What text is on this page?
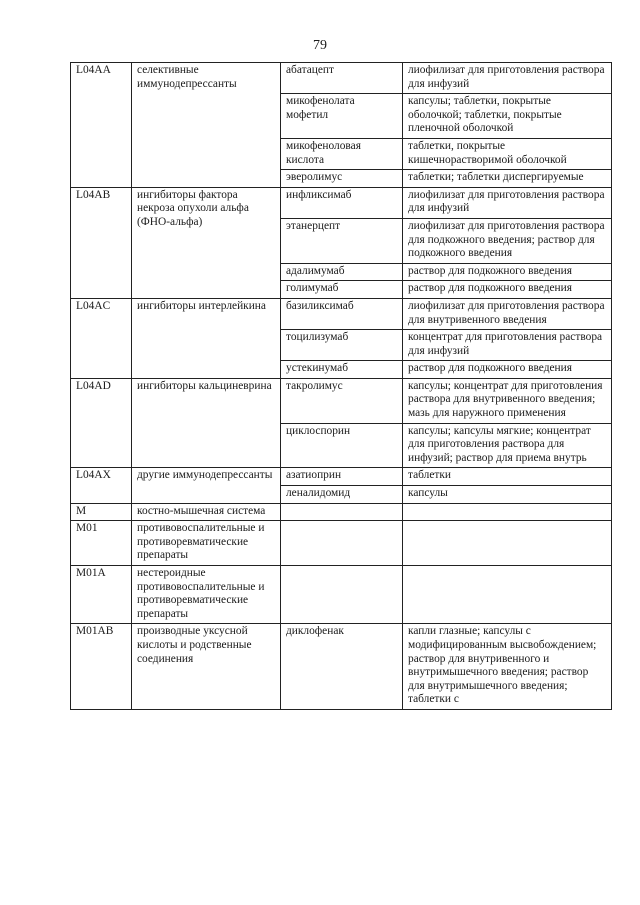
79
L04AA	селективные иммунодепрессанты	абатацепт	лиофилизат для приготовления раствора для инфузий
		микофенолата мофетил	капсулы; таблетки, покрытые оболочкой; таблетки, покрытые пленочной оболочкой
		микофеноловая кислота	таблетки, покрытые кишечнорастворимой оболочкой
		эверолимус	таблетки; таблетки диспергируемые
L04AB	ингибиторы фактора некроза опухоли альфа (ФНО-альфа)	инфликсимаб	лиофилизат для приготовления раствора для инфузий
		этанерцепт	лиофилизат для приготовления раствора для подкожного введения; раствор для подкожного введения
		адалимумаб	раствор для подкожного введения
		голимумаб	раствор для подкожного введения
L04AC	ингибиторы интерлейкина	базиликсимаб	лиофилизат для приготовления раствора для внутривенного введения
		тоцилизумаб	концентрат для приготовления раствора для инфузий
		устекинумаб	раствор для подкожного введения
L04AD	ингибиторы кальциневрина	такролимус	капсулы; концентрат для приготовления раствора для внутривенного введения; мазь для наружного применения
		циклоспорин	капсулы; капсулы мягкие; концентрат для приготовления раствора для инфузий; раствор для приема внутрь
L04AX	другие иммунодепрессанты	азатиоприн	таблетки
		леналидомид	капсулы
M	костно-мышечная система		
M01	противовоспалительные и противоревматические препараты		
M01A	нестероидные противовоспалительные и противоревматические препараты		
M01AB	производные уксусной кислоты и родственные соединения	диклофенак	капли глазные; капсулы с модифицированным высвобождением; раствор для внутривенного и внутримышечного введения; раствор для внутримышечного введения; таблетки с
